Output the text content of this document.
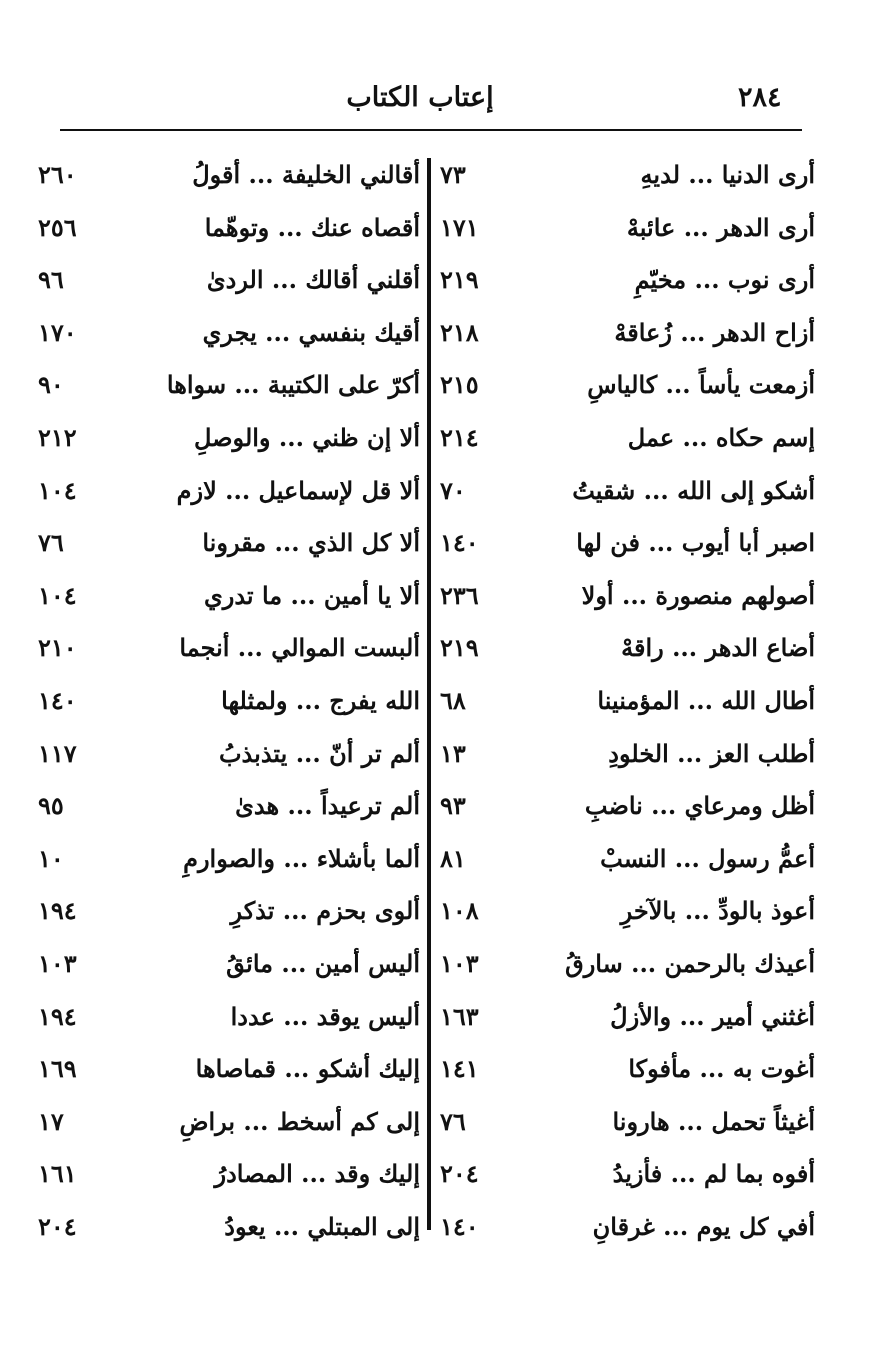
٢٨٤
إعتاب الكتاب
أرى الدنيا ... لديهِ
٧٣
أقالني الخليفة ... أقولُ
٢٦٠
أرى الدهر ... عائبهْ
١٧١
أقصاه عنك ... وتوهّما
٢٥٦
أرى نوب ... مخيّمِ
٢١٩
أقلني أقالك ... الردىٰ
٩٦
أزاح الدهر ... زُعاقهْ
٢١٨
أقيك بنفسي ... يجري
١٧٠
أزمعت يأساً ... كالياسِ
٢١٥
أكرّ على الكتيبة ... سواها
٩٠
إسم حكاه ... عمل
٢١٤
ألا إن ظني ... والوصلِ
٢١٢
أشكو إلى الله ... شقيتُ
٧٠
ألا قل لإسماعيل ... لازم
١٠٤
اصبر أبا أيوب ... فن لها
١٤٠
ألا كل الذي ... مقرونا
٧٦
أصولهم منصورة ... أولا
٢٣٦
ألا يا أمين ... ما تدري
١٠٤
أضاع الدهر ... راقهْ
٢١٩
ألبست الموالي ... أنجما
٢١٠
أطال الله ... المؤمنينا
٦٨
الله يفرج ... ولمثلها
١٤٠
أطلب العز ... الخلودِ
١٣
ألم تر أنّ ... يتذبذبُ
١١٧
أظل ومرعاي ... ناضبِ
٩٣
ألم ترعيداً ... هدىٰ
٩٥
أعمُّ رسول ... النسبْ
٨١
ألما بأشلاء ... والصوارمِ
١٠
أعوذ بالودِّ ... بالآخرِ
١٠٨
ألوى بحزم ... تذكرِ
١٩٤
أعيذك بالرحمن ... سارقُ
١٠٣
أليس أمين ... مائقُ
١٠٣
أغثني أمير ... والأزلُ
١٦٣
أليس يوقد ... عددا
١٩٤
أغوت به ... مأفوكا
١٤١
إليك أشكو ... قماصاها
١٦٩
أغيثاً تحمل ... هارونا
٧٦
إلى كم أسخط ... براضِ
١٧
أفوه بما لم ... فأزيدُ
٢٠٤
إليك وقد ... المصادرُ
١٦١
أفي كل يوم ... غرقانِ
١٤٠
إلى المبتلي ... يعودُ
٢٠٤
